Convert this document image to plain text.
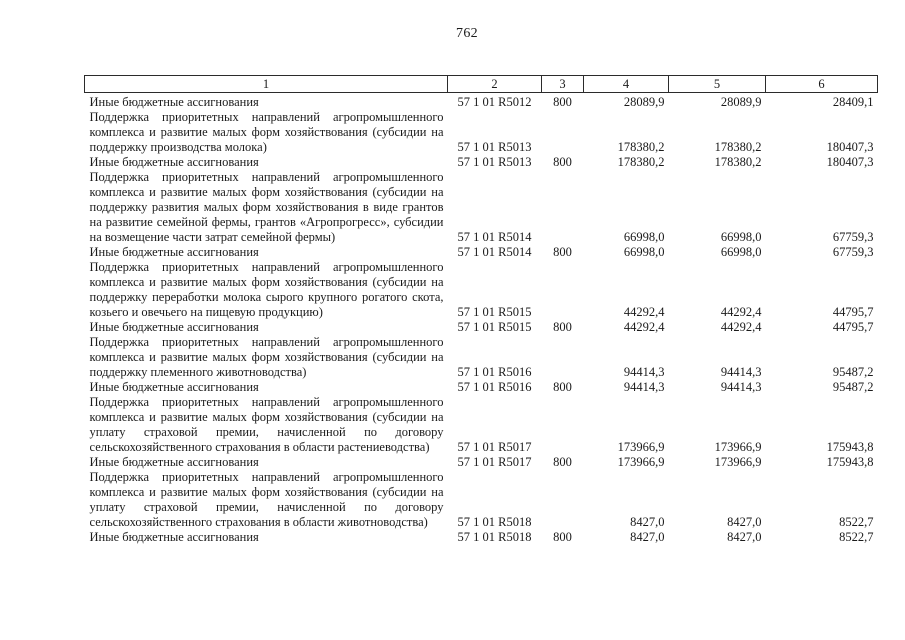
762
1	2	3	4	5	6
Иные бюджетные ассигнования	57 1 01 R5012	800	28089,9	28089,9	28409,1
Поддержка приоритетных направлений агропромышленного комплекса и развитие малых форм хозяйствования (субсидии на поддержку производства молока)	57 1 01 R5013		178380,2	178380,2	180407,3
Иные бюджетные ассигнования	57 1 01 R5013	800	178380,2	178380,2	180407,3
Поддержка приоритетных направлений агропромышленного комплекса и развитие малых форм хозяйствования (субсидии на поддержку развития малых форм хозяйствования в виде грантов на развитие семейной фермы, грантов «Агропрогресс», субсидии на возмещение части затрат семейной фермы)	57 1 01 R5014		66998,0	66998,0	67759,3
Иные бюджетные ассигнования	57 1 01 R5014	800	66998,0	66998,0	67759,3
Поддержка приоритетных направлений агропромышленного комплекса и развитие малых форм хозяйствования (субсидии на поддержку переработки молока сырого крупного рогатого скота, козьего и овечьего на пищевую продукцию)	57 1 01 R5015		44292,4	44292,4	44795,7
Иные бюджетные ассигнования	57 1 01 R5015	800	44292,4	44292,4	44795,7
Поддержка приоритетных направлений агропромышленного комплекса и развитие малых форм хозяйствования (субсидии на поддержку племенного животноводства)	57 1 01 R5016		94414,3	94414,3	95487,2
Иные бюджетные ассигнования	57 1 01 R5016	800	94414,3	94414,3	95487,2
Поддержка приоритетных направлений агропромышленного комплекса и развитие малых форм хозяйствования (субсидии на уплату страховой премии, начисленной по договору сельскохозяйственного страхования в области растениеводства)	57 1 01 R5017		173966,9	173966,9	175943,8
Иные бюджетные ассигнования	57 1 01 R5017	800	173966,9	173966,9	175943,8
Поддержка приоритетных направлений агропромышленного комплекса и развитие малых форм хозяйствования (субсидии на уплату страховой премии, начисленной по договору сельскохозяйственного страхования в области животноводства)	57 1 01 R5018		8427,0	8427,0	8522,7
Иные бюджетные ассигнования	57 1 01 R5018	800	8427,0	8427,0	8522,7
